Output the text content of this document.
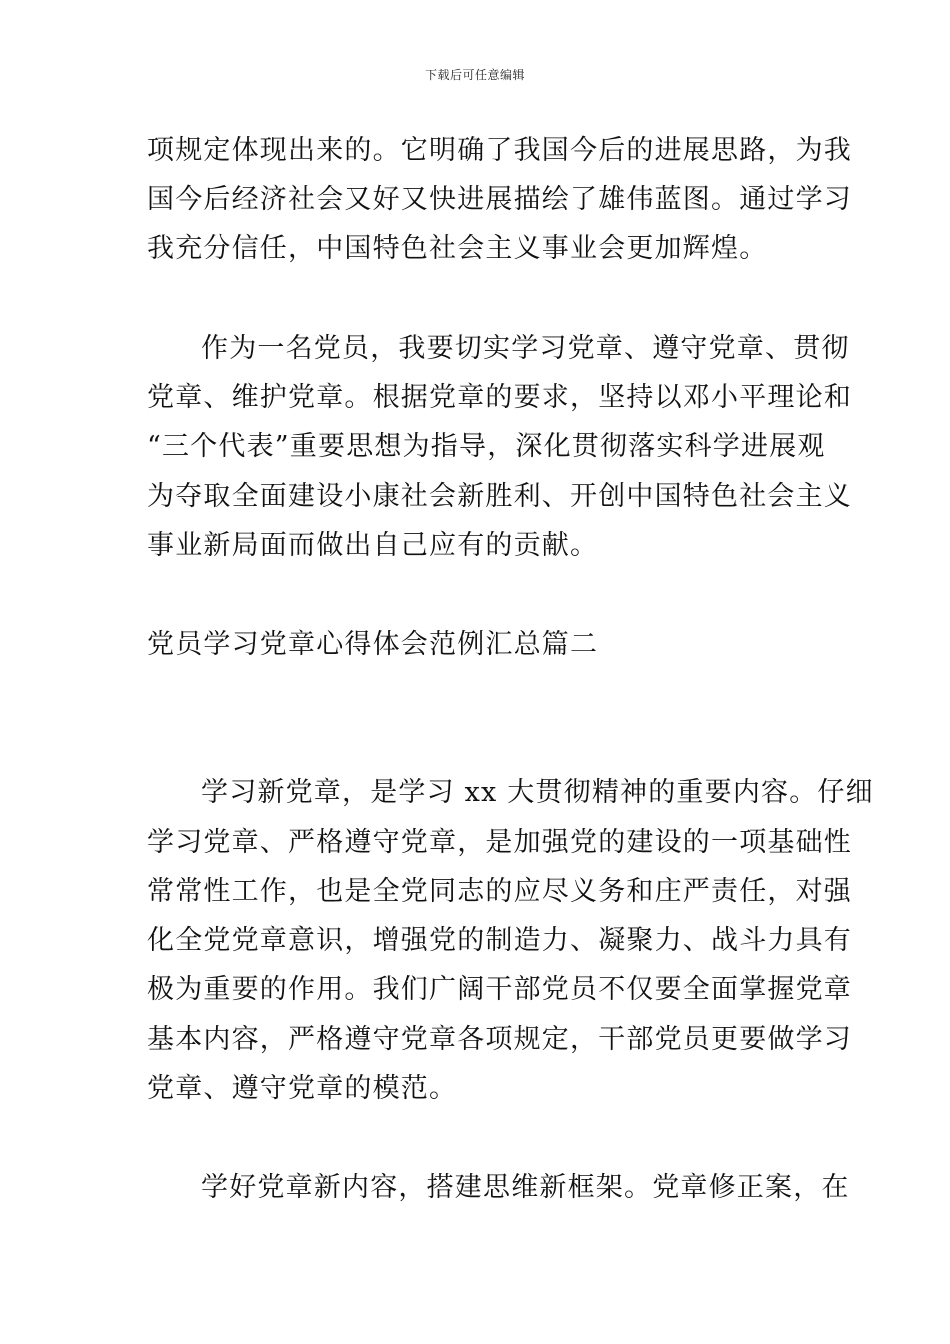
下载后可任意编辑
项规定体现出来的。它明确了我国今后的进展思路，为我
国今后经济社会又好又快进展描绘了雄伟蓝图。通过学习
我充分信任，中国特色社会主义事业会更加辉煌。
作为一名党员，我要切实学习党章、遵守党章、贯彻
党章、维护党章。根据党章的要求，坚持以邓小平理论和
“三个代表”重要思想为指导，深化贯彻落实科学进展观
为夺取全面建设小康社会新胜利、开创中国特色社会主义
事业新局面而做出自己应有的贡献。
党员学习党章心得体会范例汇总篇二
学习新党章，是学习 xx 大贯彻精神的重要内容。仔细
学习党章、严格遵守党章，是加强党的建设的一项基础性
常常性工作，也是全党同志的应尽义务和庄严责任，对强
化全党党章意识，增强党的制造力、凝聚力、战斗力具有
极为重要的作用。我们广阔干部党员不仅要全面掌握党章
基本内容，严格遵守党章各项规定，干部党员更要做学习
党章、遵守党章的模范。
学好党章新内容，搭建思维新框架。党章修正案，在
